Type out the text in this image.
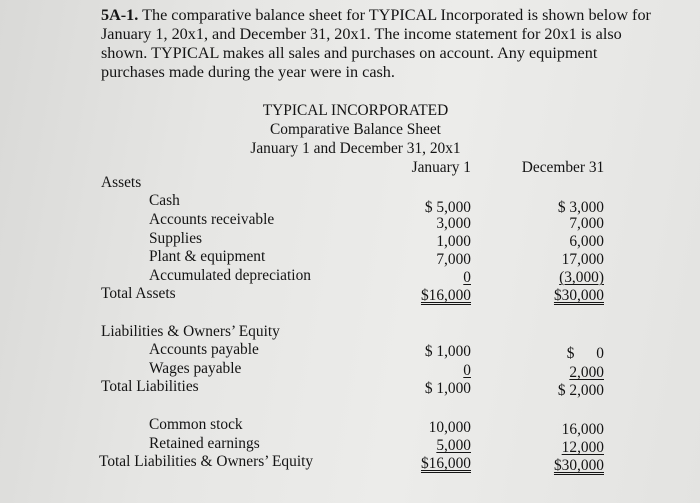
5A-1. The comparative balance sheet for TYPICAL Incorporated is shown below for January 1, 20x1, and December 31, 20x1. The income statement for 20x1 is also shown. TYPICAL makes all sales and purchases on account. Any equipment purchases made during the year were in cash.
TYPICAL INCORPORATED
Comparative Balance Sheet
January 1 and December 31, 20x1
January 1	December 31
Assets
Cash	$ 5,000	$ 3,000
Accounts receivable	3,000	7,000
Supplies	1,000	6,000
Plant & equipment	7,000	17,000
Accumulated depreciation	0	(3,000)
Total Assets	$16,000	$30,000
Liabilities & Owners’ Equity
Accounts payable	$ 1,000	$ 0
Wages payable	0	2,000
Total Liabilities	$ 1,000	$ 2,000
Common stock	10,000	16,000
Retained earnings	5,000	12,000
Total Liabilities & Owners’ Equity	$16,000	$30,000
